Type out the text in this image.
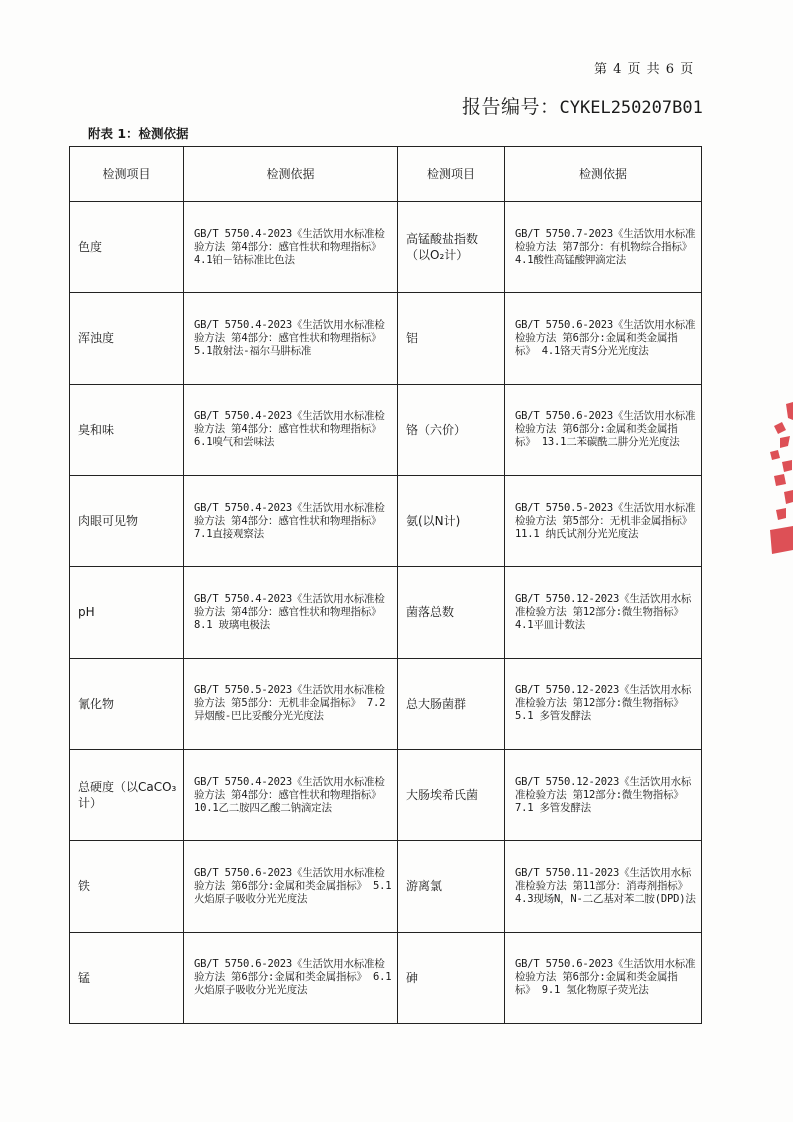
第 4 页 共 6 页
报告编号：CYKEL250207B01
附表 1：检测依据
检测项目	检测依据	检测项目	检测依据
色度	GB/T 5750.4-2023《生活饮用水标准检验方法 第4部分：感官性状和物理指标》 4.1铂－钴标准比色法	高锰酸盐指数（以O₂计）	GB/T 5750.7-2023《生活饮用水标准检验方法 第7部分：有机物综合指标》 4.1酸性高锰酸钾滴定法
浑浊度	GB/T 5750.4-2023《生活饮用水标准检验方法 第4部分：感官性状和物理指标》 5.1散射法-福尔马肼标准	铝	GB/T 5750.6-2023《生活饮用水标准检验方法 第6部分:金属和类金属指标》 4.1铬天青S分光光度法
臭和味	GB/T 5750.4-2023《生活饮用水标准检验方法 第4部分：感官性状和物理指标》 6.1嗅气和尝味法	铬（六价）	GB/T 5750.6-2023《生活饮用水标准检验方法 第6部分:金属和类金属指标》 13.1二苯碳酰二肼分光光度法
肉眼可见物	GB/T 5750.4-2023《生活饮用水标准检验方法 第4部分：感官性状和物理指标》 7.1直接观察法	氨(以N计)	GB/T 5750.5-2023《生活饮用水标准检验方法 第5部分：无机非金属指标》 11.1 纳氏试剂分光光度法
pH	GB/T 5750.4-2023《生活饮用水标准检验方法 第4部分：感官性状和物理指标》 8.1 玻璃电极法	菌落总数	GB/T 5750.12-2023《生活饮用水标准检验方法 第12部分:微生物指标》 4.1平皿计数法
氰化物	GB/T 5750.5-2023《生活饮用水标准检验方法 第5部分：无机非金属指标》 7.2异烟酸-巴比妥酸分光光度法	总大肠菌群	GB/T 5750.12-2023《生活饮用水标准检验方法 第12部分:微生物指标》 5.1 多管发酵法
总硬度（以CaCO₃计）	GB/T 5750.4-2023《生活饮用水标准检验方法 第4部分：感官性状和物理指标》 10.1乙二胺四乙酸二钠滴定法	大肠埃希氏菌	GB/T 5750.12-2023《生活饮用水标准检验方法 第12部分:微生物指标》 7.1 多管发酵法
铁	GB/T 5750.6-2023《生活饮用水标准检验方法 第6部分:金属和类金属指标》 5.1 火焰原子吸收分光光度法	游离氯	GB/T 5750.11-2023《生活饮用水标准检验方法 第11部分：消毒剂指标》 4.3现场N，N-二乙基对苯二胺(DPD)法
锰	GB/T 5750.6-2023《生活饮用水标准检验方法 第6部分:金属和类金属指标》 6.1火焰原子吸收分光光度法	砷	GB/T 5750.6-2023《生活饮用水标准检验方法 第6部分:金属和类金属指标》 9.1 氢化物原子荧光法
